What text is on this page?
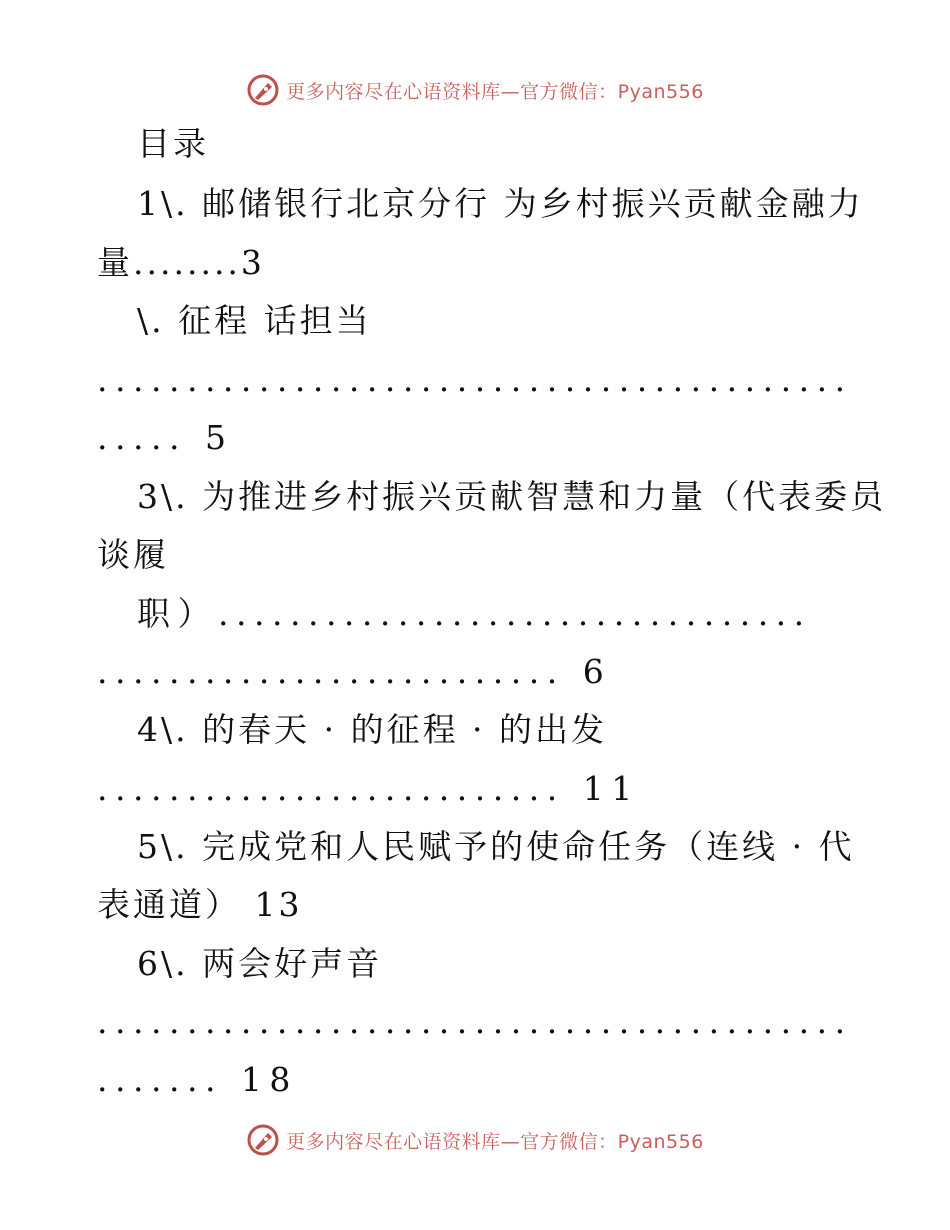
更多内容尽在心语资料库—官方微信：Pyan556
目录
1\. 邮储银行北京分行 为乡村振兴贡献金融力
量........3
\. 征程 话担当
..........................................
..... 5
3\. 为推进乡村振兴贡献智慧和力量（代表委员
谈履
职）.................................
.......................... 6
4\. 的春天 · 的征程 · 的出发
.......................... 11
5\. 完成党和人民赋予的使命任务（连线 · 代
表通道） 13
6\. 两会好声音
..........................................
....... 18
更多内容尽在心语资料库—官方微信：Pyan556
